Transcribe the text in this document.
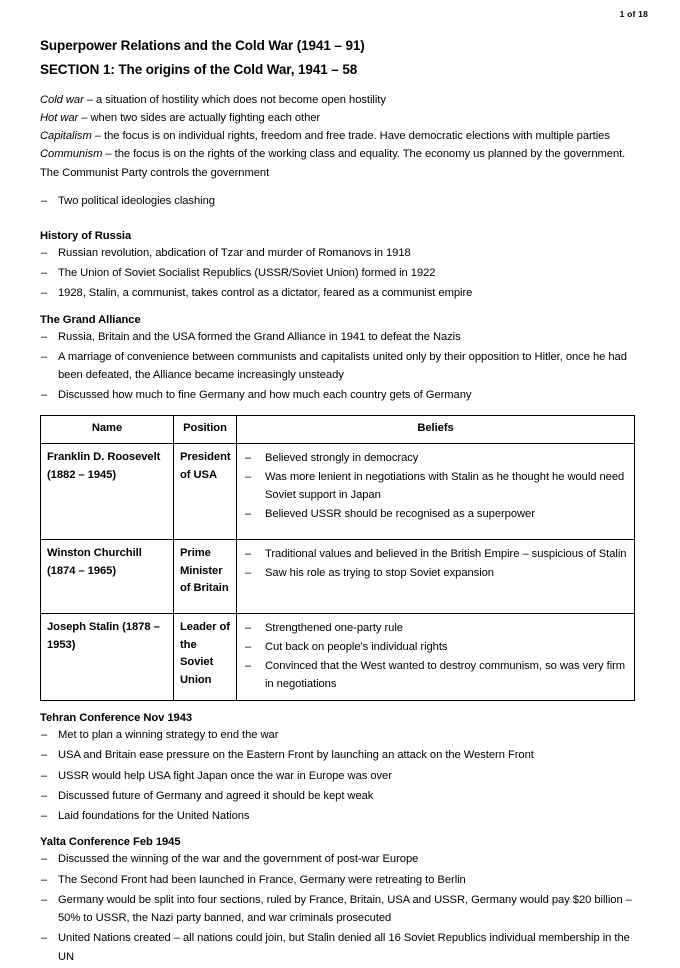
1 of 18
Superpower Relations and the Cold War (1941 – 91)
SECTION 1: The origins of the Cold War, 1941 – 58

Cold war – a situation of hostility which does not become open hostility

Hot war – when two sides are actually fighting each other

Capitalism – the focus is on individual rights, freedom and free trade. Have democratic elections with multiple parties

Communism – the focus is on the rights of the working class and equality. The economy us planned by the government. The Communist Party controls the government

– Two political ideologies clashing
History of Russia
– Russian revolution, abdication of Tzar and murder of Romanovs in 1918
– The Union of Soviet Socialist Republics (USSR/Soviet Union) formed in 1922
– 1928, Stalin, a communist, takes control as a dictator, feared as a communist empire
The Grand Alliance
– Russia, Britain and the USA formed the Grand Alliance in 1941 to defeat the Nazis
– A marriage of convenience between communists and capitalists united only by their opposition to Hitler, once he had been defeated, the Alliance became increasingly unsteady
– Discussed how much to fine Germany and how much each country gets of Germany
Name	Position	Beliefs
Franklin D. Roosevelt (1882 – 1945)	President of USA	
– Believed strongly in democracy
– Was more lenient in negotiations with Stalin as he thought he would need Soviet support in Japan
– Believed USSR should be recognised as a superpower

Winston Churchill (1874 – 1965)	Prime Minister of Britain	
– Traditional values and believed in the British Empire – suspicious of Stalin
– Saw his role as trying to stop Soviet expansion

Joseph Stalin (1878 – 1953)	Leader of the Soviet Union	
– Strengthened one-party rule
– Cut back on people's individual rights
– Convinced that the West wanted to destroy communism, so was very firm in negotiations
Tehran Conference Nov 1943
– Met to plan a winning strategy to end the war
– USA and Britain ease pressure on the Eastern Front by launching an attack on the Western Front
– USSR would help USA fight Japan once the war in Europe was over
– Discussed future of Germany and agreed it should be kept weak
– Laid foundations for the United Nations
Yalta Conference Feb 1945
– Discussed the winning of the war and the government of post-war Europe
– The Second Front had been launched in France, Germany were retreating to Berlin
– Germany would be split into four sections, ruled by France, Britain, USA and USSR, Germany would pay $20 billion – 50% to USSR, the Nazi party banned, and war criminals prosecuted
– United Nations created – all nations could join, but Stalin denied all 16 Soviet Republics individual membership in the UN
